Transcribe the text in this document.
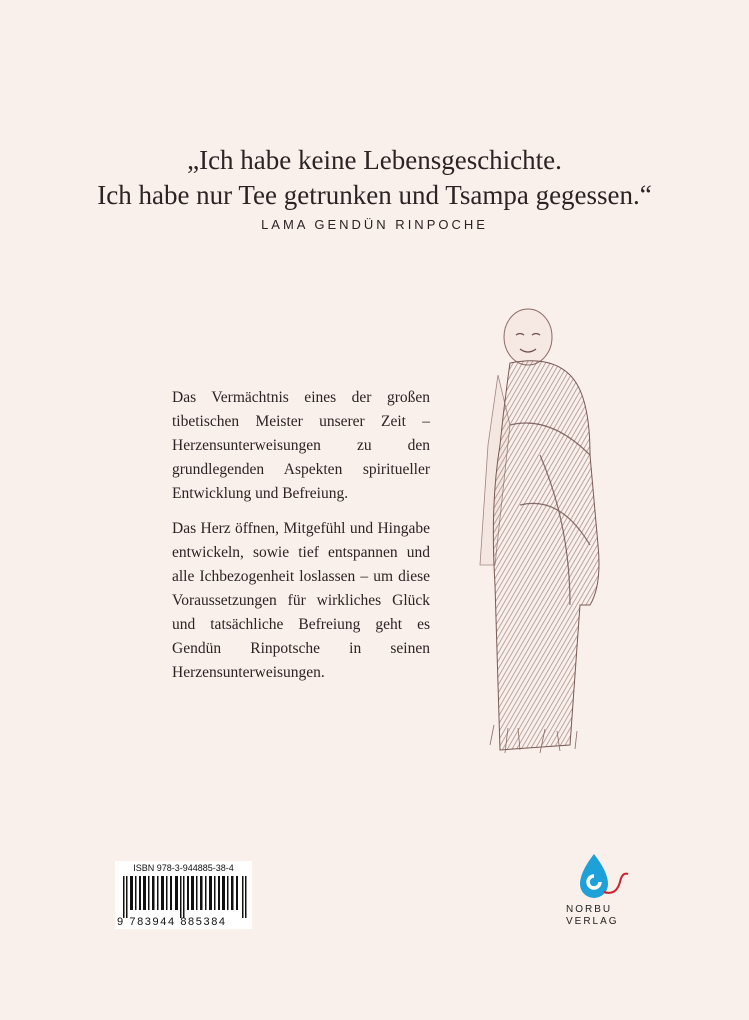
„Ich habe keine Lebensgeschichte.
Ich habe nur Tee getrunken und Tsampa gegessen.“
LAMA GENDÜN RINPOCHE

Das Vermächtnis eines der großen tibetischen Meister unserer Zeit – Herzensunterweisungen zu den grundlegenden Aspekten spiritueller Entwicklung und Befreiung.

Das Herz öffnen, Mitgefühl und Hingabe entwickeln, sowie tief entspannen und alle Ichbezogenheit loslassen – um diese Voraussetzungen für wirkliches Glück und tatsächliche Befreiung geht es Gendün Rinpotsche in seinen Herzensunterweisungen.

ISBN 978-3-944885-38-4
9 783944 885384
NORBU
VERLAG
